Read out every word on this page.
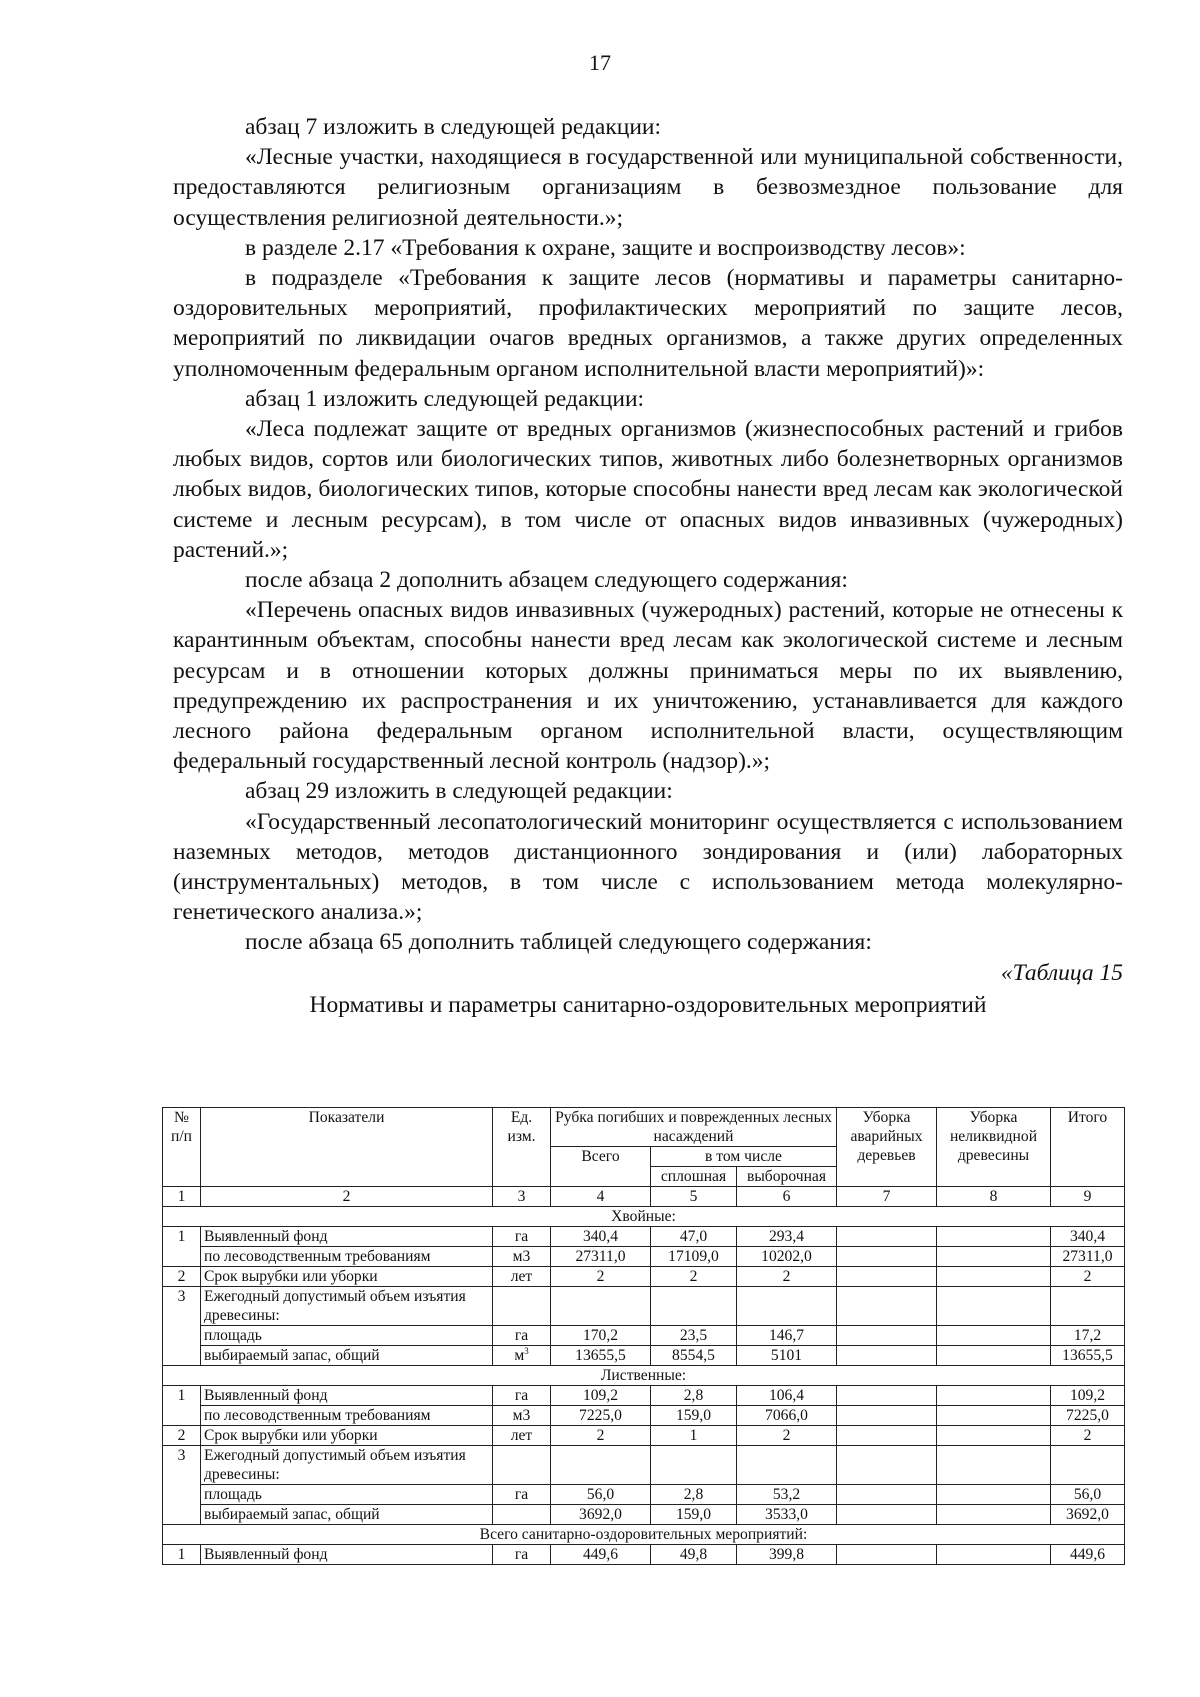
17

абзац 7 изложить в следующей редакции:

«Лесные участки, находящиеся в государственной или муниципальной собственности, предоставляются религиозным организациям в безвозмездное пользование для осуществления религиозной деятельности.»;

в разделе 2.17 «Требования к охране, защите и воспроизводству лесов»:

в подразделе «Требования к защите лесов (нормативы и параметры санитарно-оздоровительных мероприятий, профилактических мероприятий по защите лесов, мероприятий по ликвидации очагов вредных организмов, а также других определенных уполномоченным федеральным органом исполнительной власти мероприятий)»:

абзац 1 изложить следующей редакции:

«Леса подлежат защите от вредных организмов (жизнеспособных растений и грибов любых видов, сортов или биологических типов, животных либо болезнетворных организмов любых видов, биологических типов, которые способны нанести вред лесам как экологической системе и лесным ресурсам), в том числе от опасных видов инвазивных (чужеродных) растений.»;

после абзаца 2 дополнить абзацем следующего содержания:

«Перечень опасных видов инвазивных (чужеродных) растений, которые не отнесены к карантинным объектам, способны нанести вред лесам как экологической системе и лесным ресурсам и в отношении которых должны приниматься меры по их выявлению, предупреждению их распространения и их уничтожению, устанавливается для каждого лесного района федеральным органом исполнительной власти, осуществляющим федеральный государственный лесной контроль (надзор).»;

абзац 29 изложить в следующей редакции:

«Государственный лесопатологический мониторинг осуществляется с использованием наземных методов, методов дистанционного зондирования и (или) лабораторных (инструментальных) методов, в том числе с использованием метода молекулярно-генетического анализа.»;

после абзаца 65 дополнить таблицей следующего содержания:

«Таблица 15

Нормативы и параметры санитарно-оздоровительных мероприятий

№ п/п	Показатели	Ед. изм.	Рубка погибших и поврежденных лесных насаждений			Уборка аварийных деревьев	Уборка неликвидной древесины	Итого
			Всего	в том числе				
				сплошная	выборочная			
1	2	3	4	5	6	7	8	9
Хвойные:								
1	Выявленный фонд	га	340,4	47,0	293,4			340,4
	по лесоводственным требованиям	м3	27311,0	17109,0	10202,0			27311,0
2	Срок вырубки или уборки	лет	2	2	2			2
3	Ежегодный допустимый объем изъятия древесины:							
	площадь	га	170,2	23,5	146,7			17,2
	выбираемый запас, общий	$м^3$	13655,5	8554,5	5101			13655,5
Лиственные:								
1	Выявленный фонд	га	109,2	2,8	106,4			109,2
	по лесоводственным требованиям	м3	7225,0	159,0	7066,0			7225,0
2	Срок вырубки или уборки	лет	2	1	2			2
3	Ежегодный допустимый объем изъятия древесины:							
	площадь	га	56,0	2,8	53,2			56,0
	выбираемый запас, общий		3692,0	159,0	3533,0			3692,0
Всего санитарно-оздоровительных мероприятий:								
1	Выявленный фонд	га	449,6	49,8	399,8			449,6
